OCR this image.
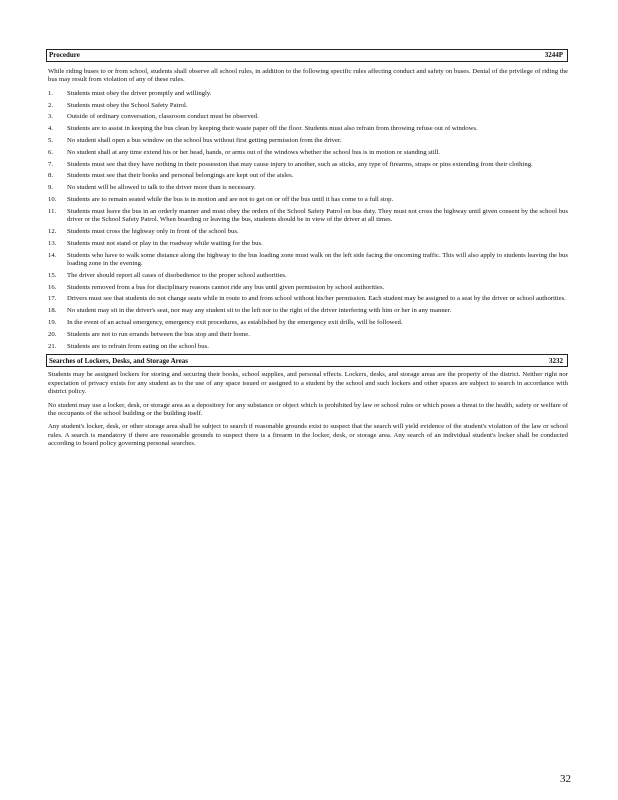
Procedure	3244P
While riding buses to or from school, students shall observe all school rules, in addition to the following specific rules affecting conduct and safety on buses. Denial of the privilege of riding the bus may result from violation of any of these rules.
1.	Students must obey the driver promptly and willingly.
2.	Students must obey the School Safety Patrol.
3.	Outside of ordinary conversation, classroom conduct must be observed.
4.	Students are to assist in keeping the bus clean by keeping their waste paper off the floor. Students must also refrain from throwing refuse out of windows.
5.	No student shall open a bus window on the school bus without first getting permission from the driver.
6.	No student shall at any time extend his or her head, hands, or arms out of the windows whether the school bus is in motion or standing still.
7.	Students must see that they have nothing in their possession that may cause injury to another, such as sticks, any type of firearms, straps or pins extending from their clothing.
8.	Students must see that their books and personal belongings are kept out of the aisles.
9.	No student will be allowed to talk to the driver more than is necessary.
10.	Students are to remain seated while the bus is in motion and are not to get on or off the bus until it has come to a full stop.
11.	Students must leave the bus in an orderly manner and must obey the orders of the School Safety Patrol on bus duty. They must not cross the highway until given consent by the school bus driver or the School Safety Patrol. When boarding or leaving the bus, students should be in view of the driver at all times.
12.	Students must cross the highway only in front of the school bus.
13.	Students must not stand or play in the roadway while waiting for the bus.
14.	Students who have to walk some distance along the highway to the bus loading zone must walk on the left side facing the oncoming traffic. This will also apply to students leaving the bus loading zone in the evening.
15.	The driver should report all cases of disobedience to the proper school authorities.
16.	Students removed from a bus for disciplinary reasons cannot ride any bus until given permission by school authorities.
17.	Drivers must see that students do not change seats while in route to and from school without his/her permission. Each student may be assigned to a seat by the driver or school authorities.
18.	No student may sit in the driver's seat, nor may any student sit to the left nor to the right of the driver interfering with him or her in any manner.
19.	In the event of an actual emergency, emergency exit procedures, as established by the emergency exit drills, will be followed.
20.	Students are not to run errands between the bus stop and their home.
21.	Students are to refrain from eating on the school bus.
Searches of Lockers, Desks, and Storage Areas	3232
Students may be assigned lockers for storing and securing their books, school supplies, and personal effects. Lockers, desks, and storage areas are the property of the district. Neither right nor expectation of privacy exists for any student as to the use of any space issued or assigned to a student by the school and such lockers and other spaces are subject to search in accordance with district policy.
No student may use a locker, desk, or storage area as a depository for any substance or object which is prohibited by law or school rules or which poses a threat to the health, safety or welfare of the occupants of the school building or the building itself.
Any student's locker, desk, or other storage area shall be subject to search if reasonable grounds exist to suspect that the search will yield evidence of the student's violation of the law or school rules. A search is mandatory if there are reasonable grounds to suspect there is a firearm in the locker, desk, or storage area. Any search of an individual student's locker shall be conducted according to board policy governing personal searches.
32
